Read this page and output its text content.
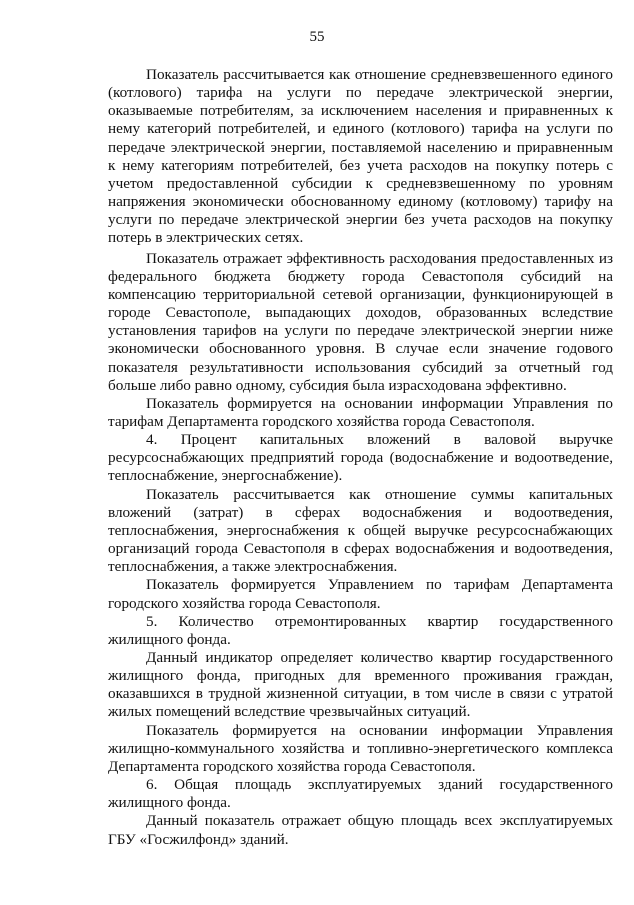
55

Показатель рассчитывается как отношение средневзвешенного единого (котлового) тарифа на услуги по передаче электрической энергии, оказываемые потребителям, за исключением населения и приравненных к нему категорий потребителей, и единого (котлового) тарифа на услуги по передаче электрической энергии, поставляемой населению и приравненным к нему категориям потребителей, без учета расходов на покупку потерь с учетом предоставленной субсидии к средневзвешенному по уровням напряжения экономически обоснованному единому (котловому) тарифу на услуги по передаче электрической энергии без учета расходов на покупку потерь в электрических сетях.

Показатель отражает эффективность расходования предоставленных из федерального бюджета бюджету города Севастополя субсидий на компенсацию территориальной сетевой организации, функционирующей в городе Севастополе, выпадающих доходов, образованных вследствие установления тарифов на услуги по передаче электрической энергии ниже экономически обоснованного уровня. В случае если значение годового показателя результативности использования субсидий за отчетный год больше либо равно одному, субсидия была израсходована эффективно.

Показатель формируется на основании информации Управления по тарифам Департамента городского хозяйства города Севастополя.

4. Процент капитальных вложений в валовой выручке ресурсоснабжающих предприятий города (водоснабжение и водоотведение, теплоснабжение, энергоснабжение).

Показатель рассчитывается как отношение суммы капитальных вложений (затрат) в сферах водоснабжения и водоотведения, теплоснабжения, энергоснабжения к общей выручке ресурсоснабжающих организаций города Севастополя в сферах водоснабжения и водоотведения, теплоснабжения, а также электроснабжения.

Показатель формируется Управлением по тарифам Департамента городского хозяйства города Севастополя.

5. Количество отремонтированных квартир государственного жилищного фонда.

Данный индикатор определяет количество квартир государственного жилищного фонда, пригодных для временного проживания граждан, оказавшихся в трудной жизненной ситуации, в том числе в связи с утратой жилых помещений вследствие чрезвычайных ситуаций.

Показатель формируется на основании информации Управления жилищно-коммунального хозяйства и топливно-энергетического комплекса Департамента городского хозяйства города Севастополя.

6. Общая площадь эксплуатируемых зданий государственного жилищного фонда.

Данный показатель отражает общую площадь всех эксплуатируемых ГБУ «Госжилфонд» зданий.
